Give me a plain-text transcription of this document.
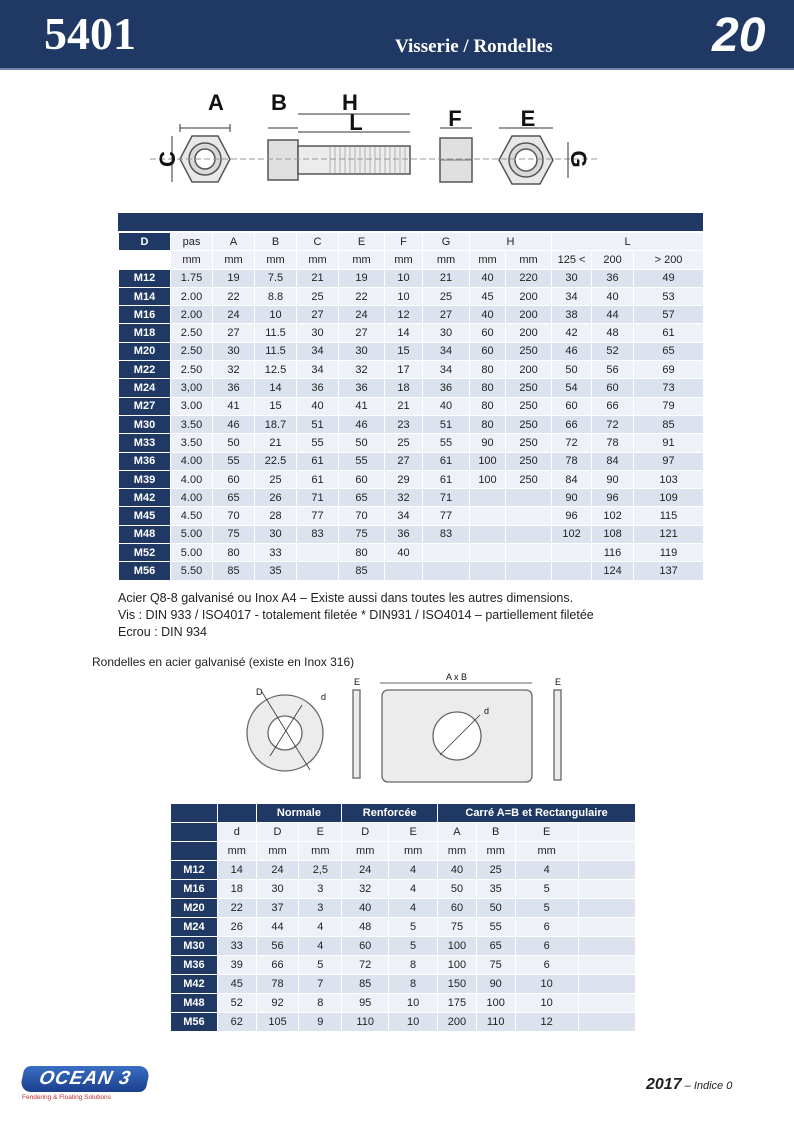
5401	Visserie / Rondelles	20
A B	H
L	F	E
C	G
D	pas	A	B	C	E	F	G	H		L		
	mm	mm	mm	mm	mm	mm	mm	mm	mm	125 <	200	> 200
M12	1.75	19	7.5	21	19	10	21	40	220	30	36	49
M14	2.00	22	8.8	25	22	10	25	45	200	34	40	53
M16	2.00	24	10	27	24	12	27	40	200	38	44	57
M18	2.50	27	11.5	30	27	14	30	60	200	42	48	61
M20	2.50	30	11.5	34	30	15	34	60	250	46	52	65
M22	2.50	32	12.5	34	32	17	34	80	200	50	56	69
M24	3,00	36	14	36	36	18	36	80	250	54	60	73
M27	3.00	41	15	40	41	21	40	80	250	60	66	79
M30	3.50	46	18.7	51	46	23	51	80	250	66	72	85
M33	3.50	50	21	55	50	25	55	90	250	72	78	91
M36	4.00	55	22.5	61	55	27	61	100	250	78	84	97
M39	4.00	60	25	61	60	29	61	100	250	84	90	103
M42	4.00	65	26	71	65	32	71			90	96	109
M45	4.50	70	28	77	70	34	77			96	102	115
M48	5.00	75	30	83	75	36	83			102	108	121
M52	5.00	80	33		80	40					116	119
M56	5.50	85	35		85						124	137
Acier Q8-8 galvanisé ou Inox A4 – Existe aussi dans toutes les autres dimensions.
Vis : DIN 933 / ISO4017 - totalement filetée * DIN931 / ISO4014 – partiellement filetée
Ecrou : DIN 934
Rondelles en acier galvanisé (existe en Inox 316)
D	d
E	A x B
d
E
		Normale		Renforcée		Carré A=B et Rectangulaire			
	d	D	E	D	E	A	B	E	
	mm	mm	mm	mm	mm	mm	mm	mm	
M12	14	24	2,5	24	4	40	25	4	
M16	18	30	3	32	4	50	35	5	
M20	22	37	3	40	4	60	50	5	
M24	26	44	4	48	5	75	55	6	
M30	33	56	4	60	5	100	65	6	
M36	39	66	5	72	8	100	75	6	
M42	45	78	7	85	8	150	90	10	
M48	52	92	8	95	10	175	100	10	
M56	62	105	9	110	10	200	110	12	
OCEAN 3
Fendering & Floating Solutions
2017 – Indice 0
